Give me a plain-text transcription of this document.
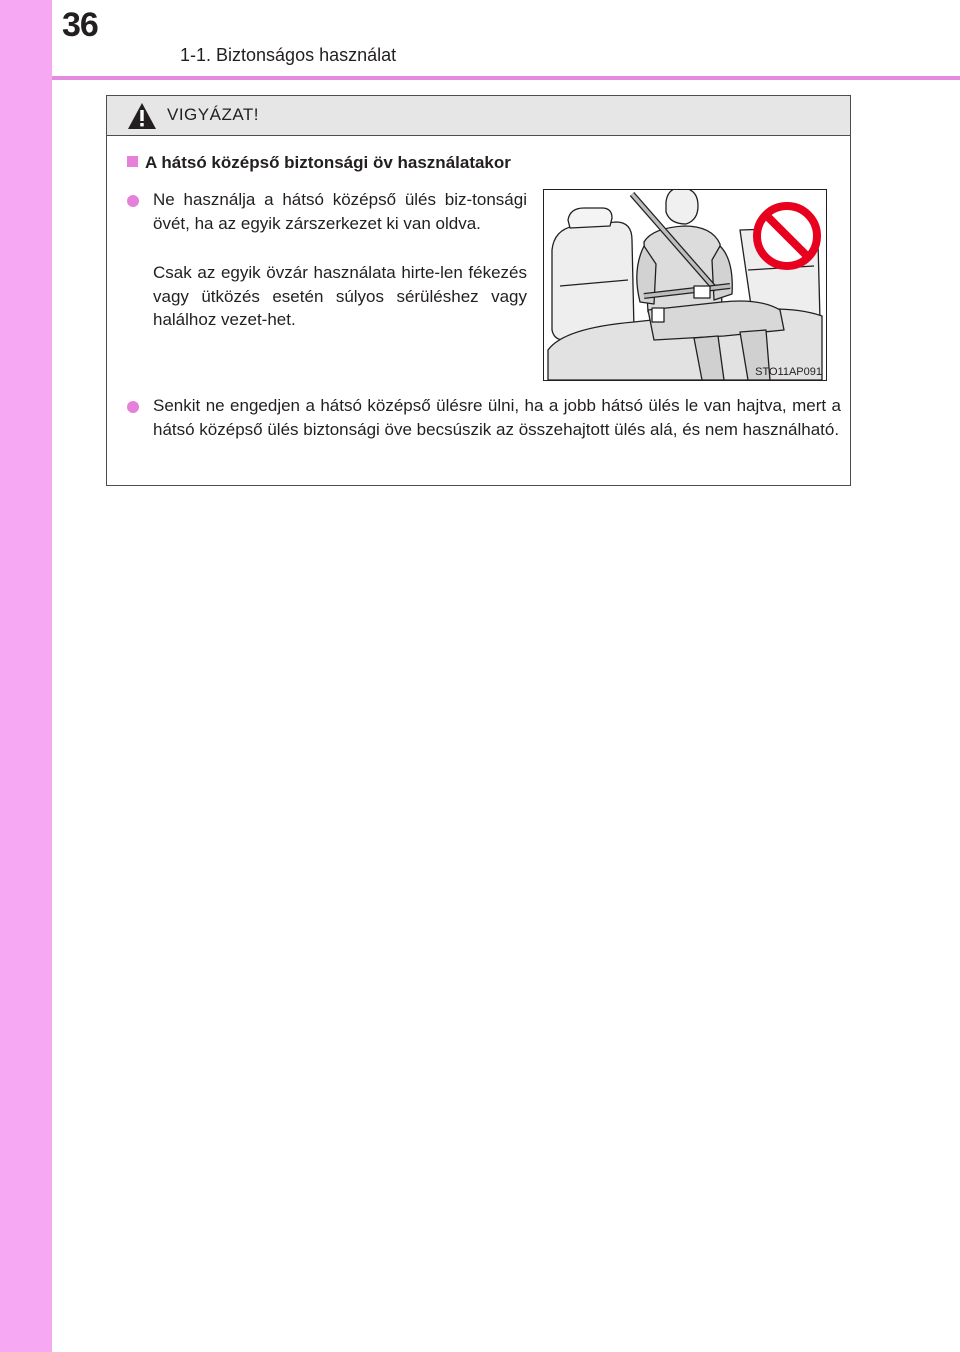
36
1-1. Biztonságos használat
VIGYÁZAT!
A hátsó középső biztonsági öv használatakor

Ne használja a hátsó középső ülés biz-tonsági övét, ha az egyik zárszerkezet ki van oldva.

Csak az egyik övzár használata hirte-len fékezés vagy ütközés esetén súlyos sérüléshez vagy halálhoz vezet-het.

STO11AP091

Senkit ne engedjen a hátsó középső ülésre ülni, ha a jobb hátsó ülés le van hajtva, mert a hátsó középső ülés biztonsági öve becsúszik az összehajtott ülés alá, és nem használható.
